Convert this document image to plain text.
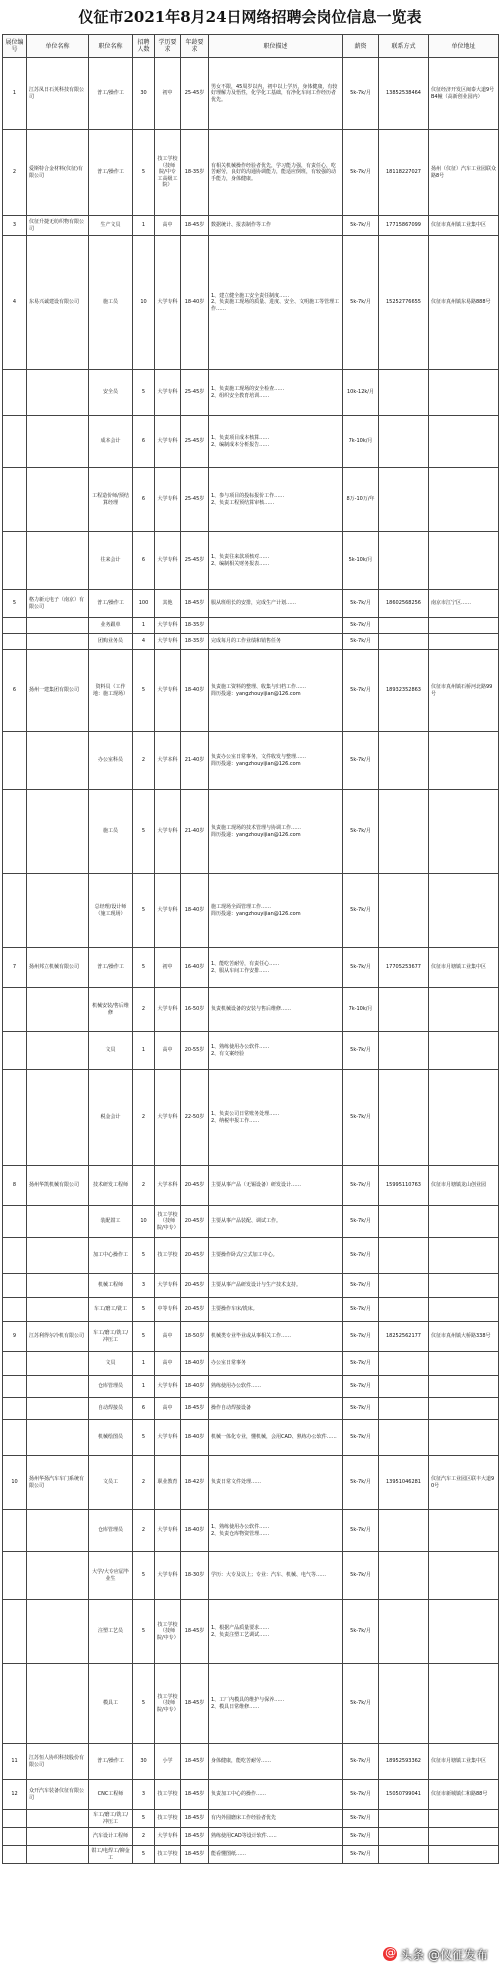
仪征市2021年8月24日网络招聘会岗位信息一览表
展位编号	单位名称	职位名称	招聘人数	学历要求	年龄要求	职位描述	薪资	联系方式	单位地址
1	江苏凤日石英科技有限公司	普工/操作工	30	初中	25-45岁	男女不限，45周岁以内，初中以上学历，身体健康，有较好理解力及悟性，化学化工基础，有净化车间工作经历者优先。	5k-7k/月	13852538464	仪征经济开发区闽泰大道9号B4幢（高新创业园内）
2	爱斯特合金材料(仪征)有限公司	普工/操作工	5	技工学校（技师院/中专工高级工院）	18-35岁	有相关机械操作经验者优先，学习能力强，有责任心，吃苦耐劳，良好的沟通协调能力，能适应倒班，有较强的动手能力，身体健康。	5k-7k/月	18118227027	扬州（仪征）汽车工业园联众路8号
3	仪征升捷无纺织物有限公司	生产文员	1	高中	18-45岁	数据统计、报表制作等工作	5k-7k/月	17715867099	仪征市真州镇工业集中区
4	东易兴诚建设有限公司	施工员	10	大学专科	18-40岁	1、建立健全施工安全责任制度……
2、负责施工现场的质量、进度、安全、文明施工等管理工作……	5k-7k/月	15252776655	仪征市真州镇东易路888号
		安全员	5	大学专科	25-45岁	1、负责施工现场的安全检查……
2、组织安全教育培训……	10k-12k/月		
		成本会计	6	大学专科	25-45岁	1、负责项目成本核算……
2、编制成本分析报告……	7k-10k/月		
		工程造价师/预结算经理	6	大学专科	25-45岁	1、参与项目的投标报价工作……
2、负责工程预结算审核……	8万-10万/年		
		往来会计	6	大学专科	25-45岁	1、负责往来款项核对……
2、编制相关财务报表……	5k-10k/月		
5	格力新元电子（南京）有限公司	普工/操作工	100	其他	18-45岁	服从班组长的安排，完成生产计划……	5k-7k/月	18602568256	南京市江宁区……
		业务跟单	1	大学专科	18-35岁		5k-7k/月		
		团购业务员	4	大学专科	18-35岁	完成每月的工作业绩和销售任务	5k-7k/月		
6	扬州一建集团有限公司	资料员（工作地：施工现场）	5	大学专科	18-40岁	负责施工资料的整理、收集与归档工作……
简历投递：yangzhouyijian@126.com	5k-7k/月	18932352863	仪征市真州镇石桥河北路99号
		办公室科员	2	大学本科	21-40岁	负责办公室日常事务，文件收发与整理……
简历投递：yangzhouyijian@126.com	5k-7k/月		
		施工员	5	大学专科	21-40岁	负责施工现场的技术管理与协调工作……
简历投递：yangzhouyijian@126.com	5k-7k/月		
		总经理/设计师（施工现场）	5	大学专科	18-40岁	施工现场全面管理工作……
简历投递：yangzhouyijian@126.com	5k-7k/月		
7	扬州邦立机械有限公司	普工/操作工	5	初中	16-40岁	1、能吃苦耐劳，有责任心……
2、服从车间工作安排……	5k-7k/月	17705253677	仪征市月塘镇工业集中区
		机械安装/售后维修	2	大学专科	16-50岁	负责机械设备的安装与售后维修……	7k-10k/月		
		文员	1	高中	20-55岁	1、熟练使用办公软件……
2、有文案经验	5k-7k/月		
		税金会计	2	大学专科	22-50岁	1、负责公司日常账务处理……
2、纳税申报工作……	5k-7k/月		
8	扬州华凯机械有限公司	技术研发工程师	2	大学本科	20-45岁	主要从事产品（无锡设备）研发设计……	5k-7k/月	15995110763	仪征市月塘镇龙山创业园
		装配钳工	10	技工学校（技师院/中专）	20-45岁	主要从事产品装配、调试工作。	5k-7k/月		
		加工中心操作工	5	技工学校	20-45岁	主要操作卧式/立式加工中心。	5k-7k/月		
		机械工程师	3	大学专科	20-45岁	主要从事产品研发设计与生产技术支持。	5k-7k/月		
		车工/磨工/铣工	5	中等专科	20-45岁	主要操作车床/铣床。	5k-7k/月		
9	江苏利得尔冷机有限公司	车工/磨工/铣工/冲压工	5	高中	18-50岁	机械类专业毕业或从事相关工作……	5k-7k/月	18252562177	仪征市真州镇大桥路338号
		文员	1	高中	18-40岁	办公室日常事务	5k-7k/月		
		仓库管理员	1	大学专科	18-40岁	熟练使用办公软件……	5k-7k/月		
		自动焊接员	6	高中	18-45岁	操作自动焊接设备	5k-7k/月		
		机械绘图员	5	大学专科	18-40岁	机械一体化专业，懂机械，会用CAD、熟练办公软件……	5k-7k/月		
10	扬州华扬汽车车门系统有限公司	文员工	2	职业教育	18-42岁	负责日常文件处理……	5k-7k/月	13951046281	仪征汽车工业园区联丰大道90号
		仓库管理员	2	大学专科	18-40岁	1、熟练使用办公软件……
2、负责仓库物资管理……	5k-7k/月		
		大学/大专应届毕业生	5	大学专科	18-30岁	学历：大专及以上；专业：汽车、机械、电气等……	5k-7k/月		
		注塑工艺员	5	技工学校（技师院/中专）	18-45岁	1、根据产品质量要求……
2、负责注塑工艺调试……	5k-7k/月		
		模具工	5	技工学校（技师院/中专）	18-45岁	1、工厂内模具的维护与保养……
2、模具日常维修……	5k-7k/月		
11	江苏恒人协织科技股份有限公司	普工/操作工	30	小学	18-45岁	身体健康，能吃苦耐劳……	5k-7k/月	18952593362	仪征市月塘镇工业集中区
12	众开汽车装备仪征有限公司	CNC工程师	3	技工学校	18-45岁	负责加工中心的操作……	5k-7k/月	15050799041	仪征市新城镇仁和路88号
		车工/磨工/铣工/冲压工	5	技工学校	18-45岁	有内外圆磨床工作经验者优先	5k-7k/月		
		汽车设计工程师	2	大学专科	18-45岁	熟练使用CAD等设计软件……	5k-7k/月		
		钳工/电焊工/铆金工	5	技工学校	18-45岁	能看懂图纸……	5k-7k/月		
@
头条 @仪征发布
